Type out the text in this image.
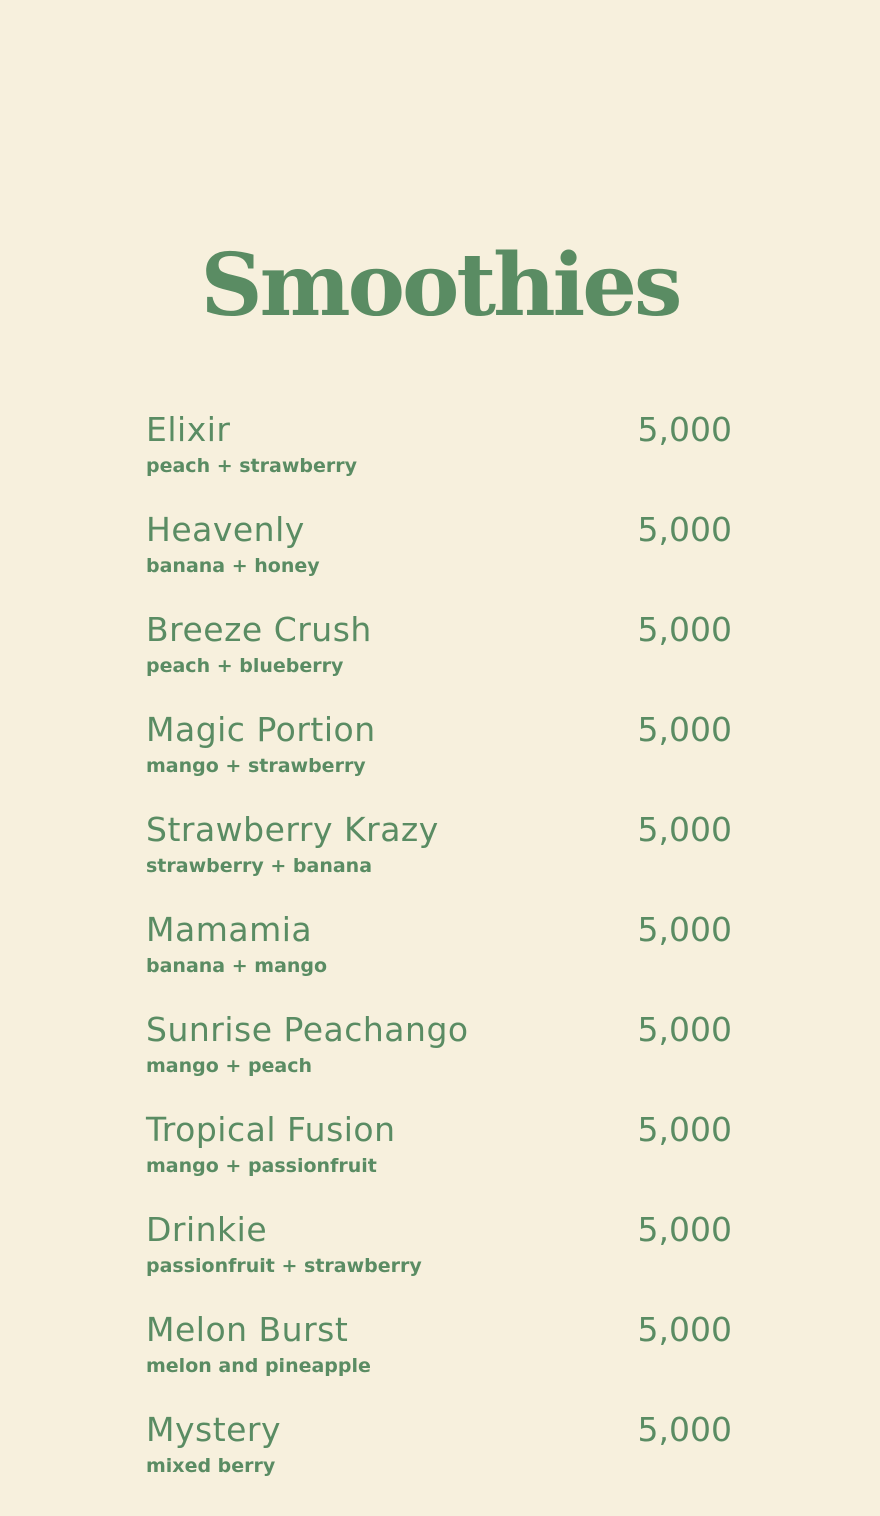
Smoothies
Elixir
peach + strawberry
5,000
Heavenly
banana + honey
5,000
Breeze Crush
peach + blueberry
5,000
Magic Portion
mango + strawberry
5,000
Strawberry Krazy
strawberry + banana
5,000
Mamamia
banana + mango
5,000
Sunrise Peachango
mango + peach
5,000
Tropical Fusion
mango + passionfruit
5,000
Drinkie
passionfruit + strawberry
5,000
Melon Burst
melon and pineapple
5,000
Mystery
mixed berry
5,000
